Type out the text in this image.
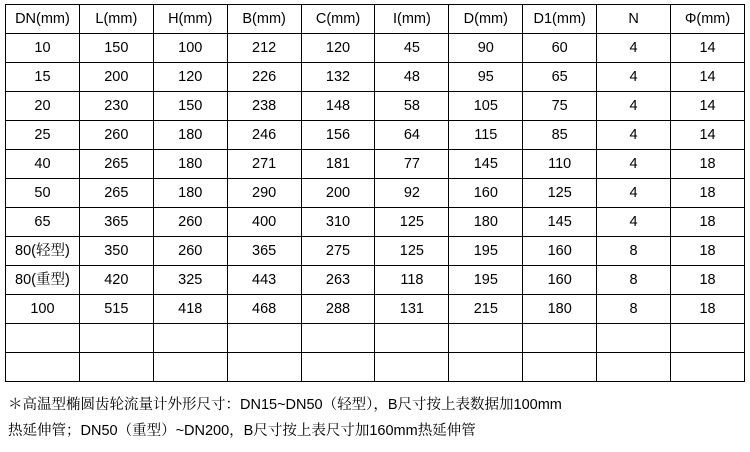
DN(mm)	L(mm)	H(mm)	B(mm)	C(mm)	I(mm)	D(mm)	D1(mm)	N	Φ(mm)
10	150	100	212	120	45	90	60	4	14
15	200	120	226	132	48	95	65	4	14
20	230	150	238	148	58	105	75	4	14
25	260	180	246	156	64	115	85	4	14
40	265	180	271	181	77	145	110	4	18
50	265	180	290	200	92	160	125	4	18
65	365	260	400	310	125	180	145	4	18
80(轻型)	350	260	365	275	125	195	160	8	18
80(重型)	420	325	443	263	118	195	160	8	18
100	515	418	468	288	131	215	180	8	18

＊高温型椭圆齿轮流量计外形尺寸：DN15~DN50（轻型），B尺寸按上表数据加100mm

热延伸管；DN50（重型）~DN200，B尺寸按上表尺寸加160mm热延伸管
